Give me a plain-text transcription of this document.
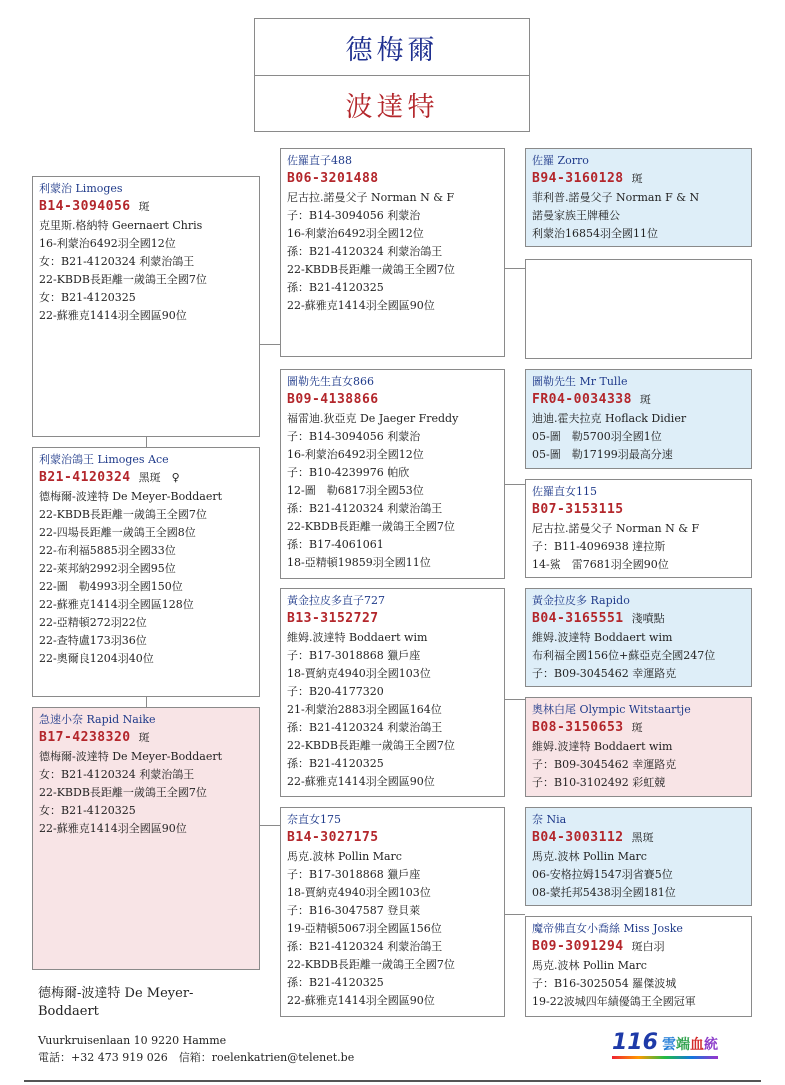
德梅爾
波達特
利蒙治 Limoges
B14-3094056 斑
克里斯.格納特 Geernaert Chris
16-利蒙治6492羽全國12位
女：B21-4120324 利蒙治鴿王
22-KBDB長距離一歲鴿王全國7位
女：B21-4120325
22-蘇雅克1414羽全國區90位
利蒙治鴿王 Limoges Ace
B21-4120324 黑斑　♀
德梅爾-波達特 De Meyer-Boddaert
22-KBDB長距離一歲鴿王全國7位
22-四場長距離一歲鴿王全國8位
22-布利福5885羽全國33位
22-萊邦納2992羽全國95位
22-圖　勒4993羽全國150位
22-蘇雅克1414羽全國區128位
22-亞精頓272羽22位
22-查特盧173羽36位
22-奧爾良1204羽40位
急速小奈 Rapid Naike
B17-4238320 斑
德梅爾-波達特 De Meyer-Boddaert
女：B21-4120324 利蒙治鴿王
22-KBDB長距離一歲鴿王全國7位
女：B21-4120325
22-蘇雅克1414羽全國區90位
佐羅直子488
B06-3201488
尼古拉.諾曼父子 Norman N & F
子：B14-3094056 利蒙治
16-利蒙治6492羽全國12位
孫：B21-4120324 利蒙治鴿王
22-KBDB長距離一歲鴿王全國7位
孫：B21-4120325
22-蘇雅克1414羽全國區90位
圖勒先生直女866
B09-4138866
福雷迪.狄亞克 De Jaeger Freddy
子：B14-3094056 利蒙治
16-利蒙治6492羽全國12位
子：B10-4239976 帕欣
12-圖　勒6817羽全國53位
孫：B21-4120324 利蒙治鴿王
22-KBDB長距離一歲鴿王全國7位
孫：B17-4061061
18-亞精頓19859羽全國11位
黃金拉皮多直子727
B13-3152727
維姆.波達特 Boddaert wim
子：B17-3018868 獵戶座
18-賈納克4940羽全國103位
子：B20-4177320
21-利蒙治2883羽全國區164位
孫：B21-4120324 利蒙治鴿王
22-KBDB長距離一歲鴿王全國7位
孫：B21-4120325
22-蘇雅克1414羽全國區90位
奈直女175
B14-3027175
馬克.波林 Pollin Marc
子：B17-3018868 獵戶座
18-賈納克4940羽全國103位
子：B16-3047587 登貝萊
19-亞精頓5067羽全國區156位
孫：B21-4120324 利蒙治鴿王
22-KBDB長距離一歲鴿王全國7位
孫：B21-4120325
22-蘇雅克1414羽全國區90位
佐羅 Zorro
B94-3160128 斑
菲利普.諾曼父子 Norman F & N
諾曼家族王牌種公
利蒙治16854羽全國11位
圖勒先生 Mr Tulle
FR04-0034338 斑
迪迪.霍夫拉克 Hoflack Didier
05-圖　勒5700羽全國1位
05-圖　勒17199羽最高分速
佐羅直女115
B07-3153115
尼古拉.諾曼父子 Norman N & F
子：B11-4096938 達拉斯
14-鯊　雷7681羽全國90位
黃金拉皮多 Rapido
B04-3165551 淺噴點
維姆.波達特 Boddaert wim
布利福全國156位+蘇亞克全國247位
子：B09-3045462 幸運路克
奧林白尾 Olympic Witstaartje
B08-3150653 斑
維姆.波達特 Boddaert wim
子：B09-3045462 幸運路克
子：B10-3102492 彩虹競
奈 Nia
B04-3003112 黑斑
馬克.波林 Pollin Marc
06-安格拉姆1547羽省賽5位
08-蒙托邦5438羽全國181位
魔帝佛直女小喬絲 Miss Joske
B09-3091294 斑白羽
馬克.波林 Pollin Marc
子：B16-3025054 羅傑波城
19-22波城四年績優鴿王全國冠軍
德梅爾-波達特 De Meyer-Boddaert
Vuurkruisenlaan 10 9220 Hamme
電話：+32 473 919 026　信箱：roelenkatrien@telenet.be
116 雲端血統
